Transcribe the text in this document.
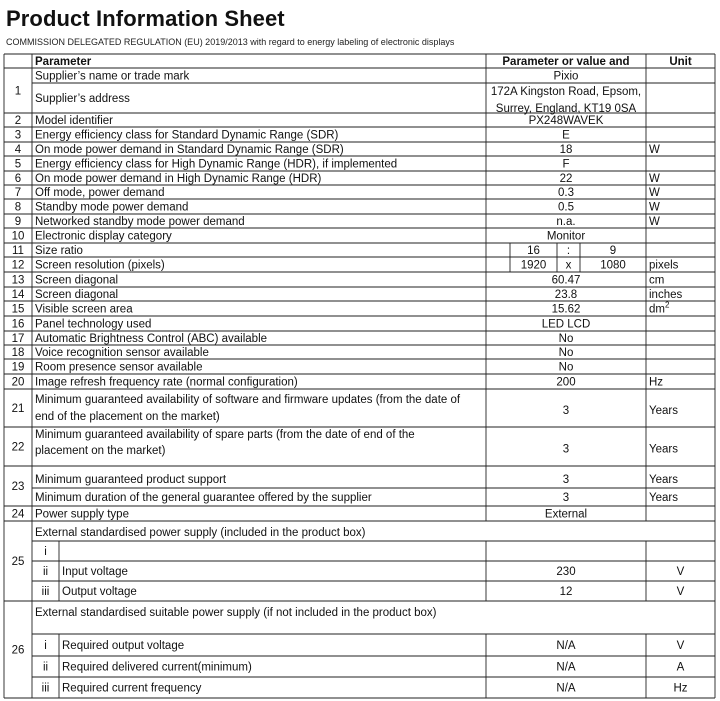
Product Information Sheet
COMMISSION DELEGATED REGULATION (EU) 2019/2013 with regard to energy labeling of electronic displays
Parameter	Parameter or value and	Unit
1
Supplier’s name or trade mark	Pixio
Supplier’s address
172A Kingston Road, Epsom,
Surrey, England, KT19 0SA
2 Model identifier	PX248WAVEK
3 Energy efficiency class for Standard Dynamic Range (SDR)	E
4 On mode power demand in Standard Dynamic Range (SDR)	18	W
5 Energy efficiency class for High Dynamic Range (HDR), if implemented	F
6 On mode power demand in High Dynamic Range (HDR)	22	W
7 Off mode, power demand	0.3	W
8 Standby mode power demand	0.5	W
9 Networked standby mode power demand	n.a.	W
10 Electronic display category	Monitor
11 Size ratio	16 :	9
12 Screen resolution (pixels)	1920 x	1080 pixels
13 Screen diagonal	60.47	cm
14 Screen diagonal	23.8	inches
15 Visible screen area	15.62	$dm^2$
16 Panel technology used	LED LCD
17 Automatic Brightness Control (ABC) available	No
18 Voice recognition sensor available	No
19 Room presence sensor available	No
20 Image refresh frequency rate (normal configuration)	200	Hz
21
Minimum guaranteed availability of software and firmware updates (from the date of
end of the placement on the market)	3	Years
22
Minimum guaranteed availability of spare parts (from the date of end of the
placement on the market)	3	Years
23
Minimum guaranteed product support	3	Years
Minimum duration of the general guarantee offered by the supplier	3	Years
24 Power supply type	External
25
External standardised power supply (included in the product box)
i
ii Input voltage	230	V
iii Output voltage	12	V
26
External standardised suitable power supply (if not included in the product box)
i Required output voltage	N/A	V
ii Required delivered current(minimum)	N/A	A
iii Required current frequency	N/A	Hz
